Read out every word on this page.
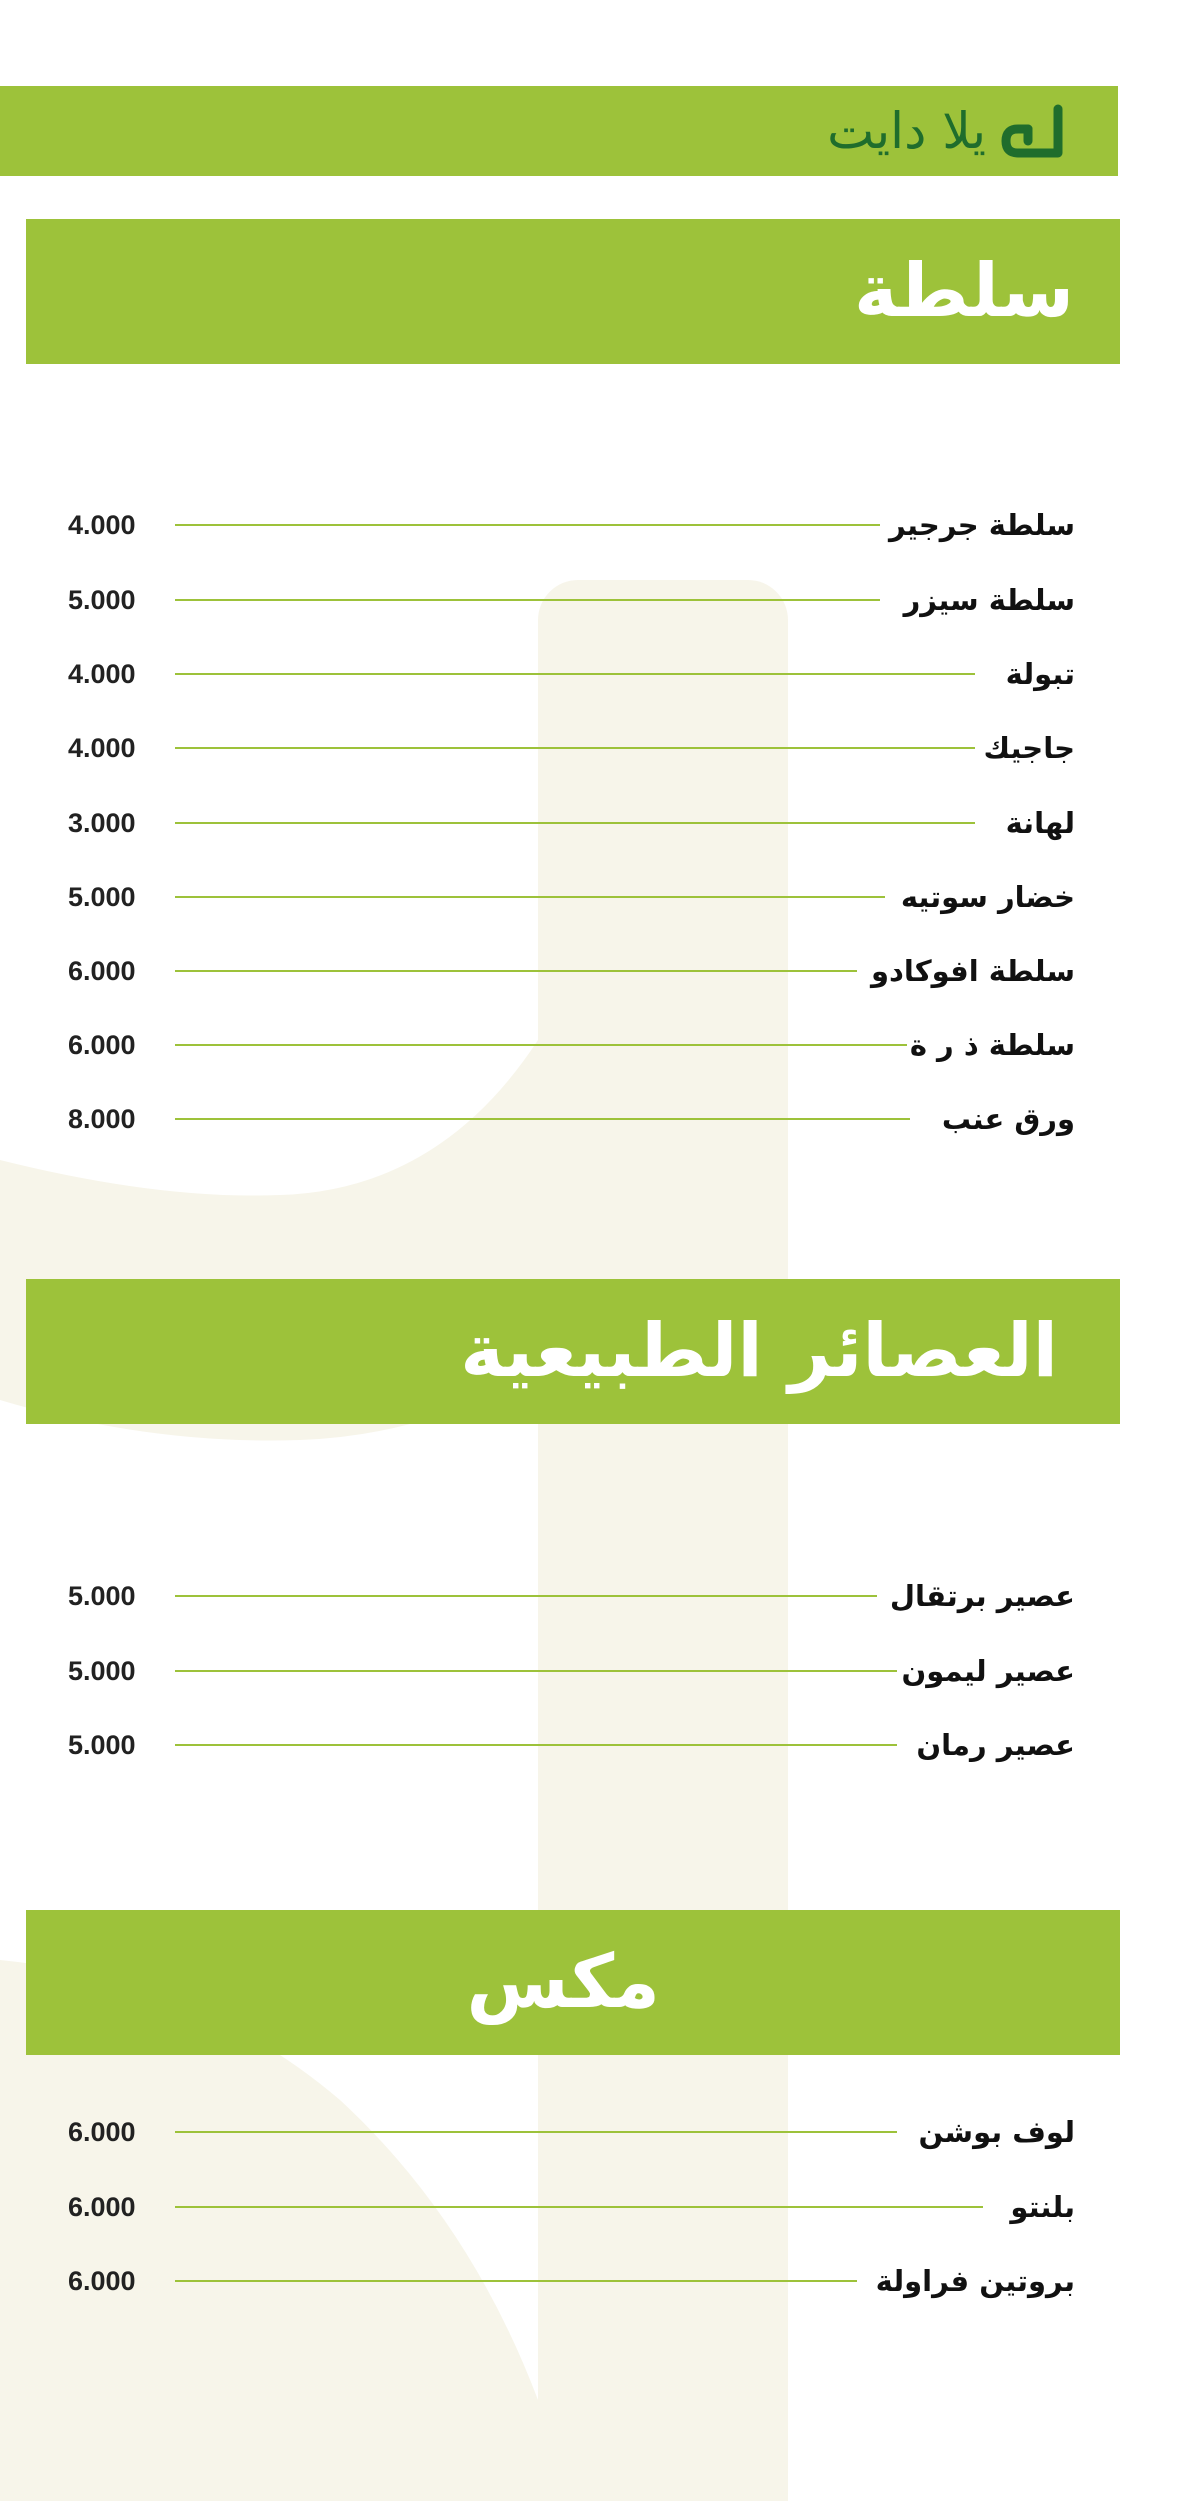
يلا دايت
سلطة
4.000	سلطة جرجير
5.000	سلطة سيزر
4.000	تبولة
4.000	جاجيك
3.000	لهانة
5.000	خضار سوتيه
6.000	سلطة افوكادو
6.000	سلطة ذ ر ة
8.000	ورق عنب
العصائر الطبيعية
5.000	عصير برتقال
5.000	عصير ليمون
5.000	عصير رمان
مكس
6.000	لوف بوشن
6.000	بلنتو
6.000	بروتين فراولة
